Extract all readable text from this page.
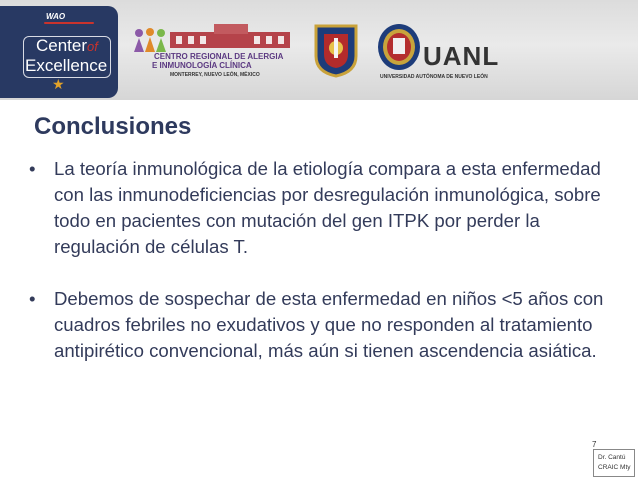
WAO
Centerof
Excellence
★
CENTRO REGIONAL DE ALERGIA
E INMUNOLOGÍA CLÍNICA
MONTERREY, NUEVO LEÓN, MÉXICO
UANL
UNIVERSIDAD AUTÓNOMA DE NUEVO LEÓN
Conclusiones
• La teoría inmunológica de la etiología compara a esta enfermedad con las inmunodeficiencias por desregulación inmunológica, sobre todo en pacientes con mutación del gen ITPK por perder la regulación de células T.
• Debemos de sospechar de esta enfermedad en niños <5 años con cuadros febriles no exudativos y que no responden al tratamiento antipirético convencional, más aún si tienen ascendencia asiática.
7
Dr. Cantú
CRAIC Mty
